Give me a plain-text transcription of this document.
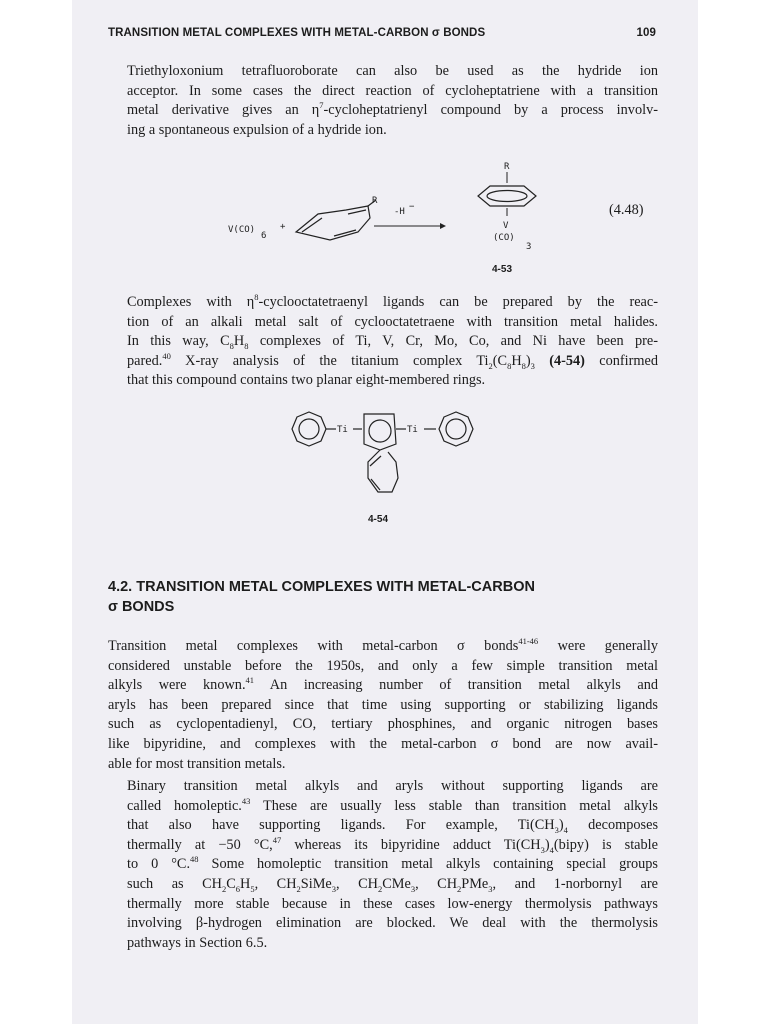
TRANSITION METAL COMPLEXES WITH METAL-CARBON σ BONDS	109

Triethyloxonium tetrafluoroborate can also be used as the hydride ion
acceptor. In some cases the direct reaction of cycloheptatriene with a transition
metal derivative gives an $\eta^7$-cycloheptatrienyl compound by a process involv-
ing a spontaneous expulsion of a hydride ion.

V(CO)
6
+
R
-H −
R
V
(CO)
3
(4.48)
4-53

Complexes with $\eta^8$-cyclooctatetraenyl ligands can be prepared by the reac-
tion of an alkali metal salt of cyclooctatetraene with transition metal halides.
In this way, $C_8H_8$ complexes of Ti, V, Cr, Mo, Co, and Ni have been pre-
pared.$^{40}$ X-ray analysis of the titanium complex $Ti_2(C_8H_8)_3$ (4-54) confirmed
that this compound contains two planar eight-membered rings.

Ti	Ti
4-54
4.2. TRANSITION METAL COMPLEXES WITH METAL-CARBON
σ BONDS

Transition metal complexes with metal-carbon σ bonds$^{41-46}$ were generally
considered unstable before the 1950s, and only a few simple transition metal
alkyls were known.$^{41}$ An increasing number of transition metal alkyls and
aryls has been prepared since that time using supporting or stabilizing ligands
such as cyclopentadienyl, CO, tertiary phosphines, and organic nitrogen bases
like bipyridine, and complexes with the metal-carbon σ bond are now avail-
able for most transition metals.

Binary transition metal alkyls and aryls without supporting ligands are
called homoleptic.$^{43}$ These are usually less stable than transition metal alkyls
that also have supporting ligands. For example, $Ti(CH_3)_4$ decomposes
thermally at −50 °C,$^{47}$ whereas its bipyridine adduct $Ti(CH_3)_4(bipy)$ is stable
to 0 °C.$^{48}$ Some homoleptic transition metal alkyls containing special groups
such as $CH_2C_6H_5$, $CH_2SiMe_3$, $CH_2CMe_3$, $CH_2PMe_3$, and 1-norbornyl are
thermally more stable because in these cases low-energy thermolysis pathways
involving β-hydrogen elimination are blocked. We deal with the thermolysis
pathways in Section 6.5.
